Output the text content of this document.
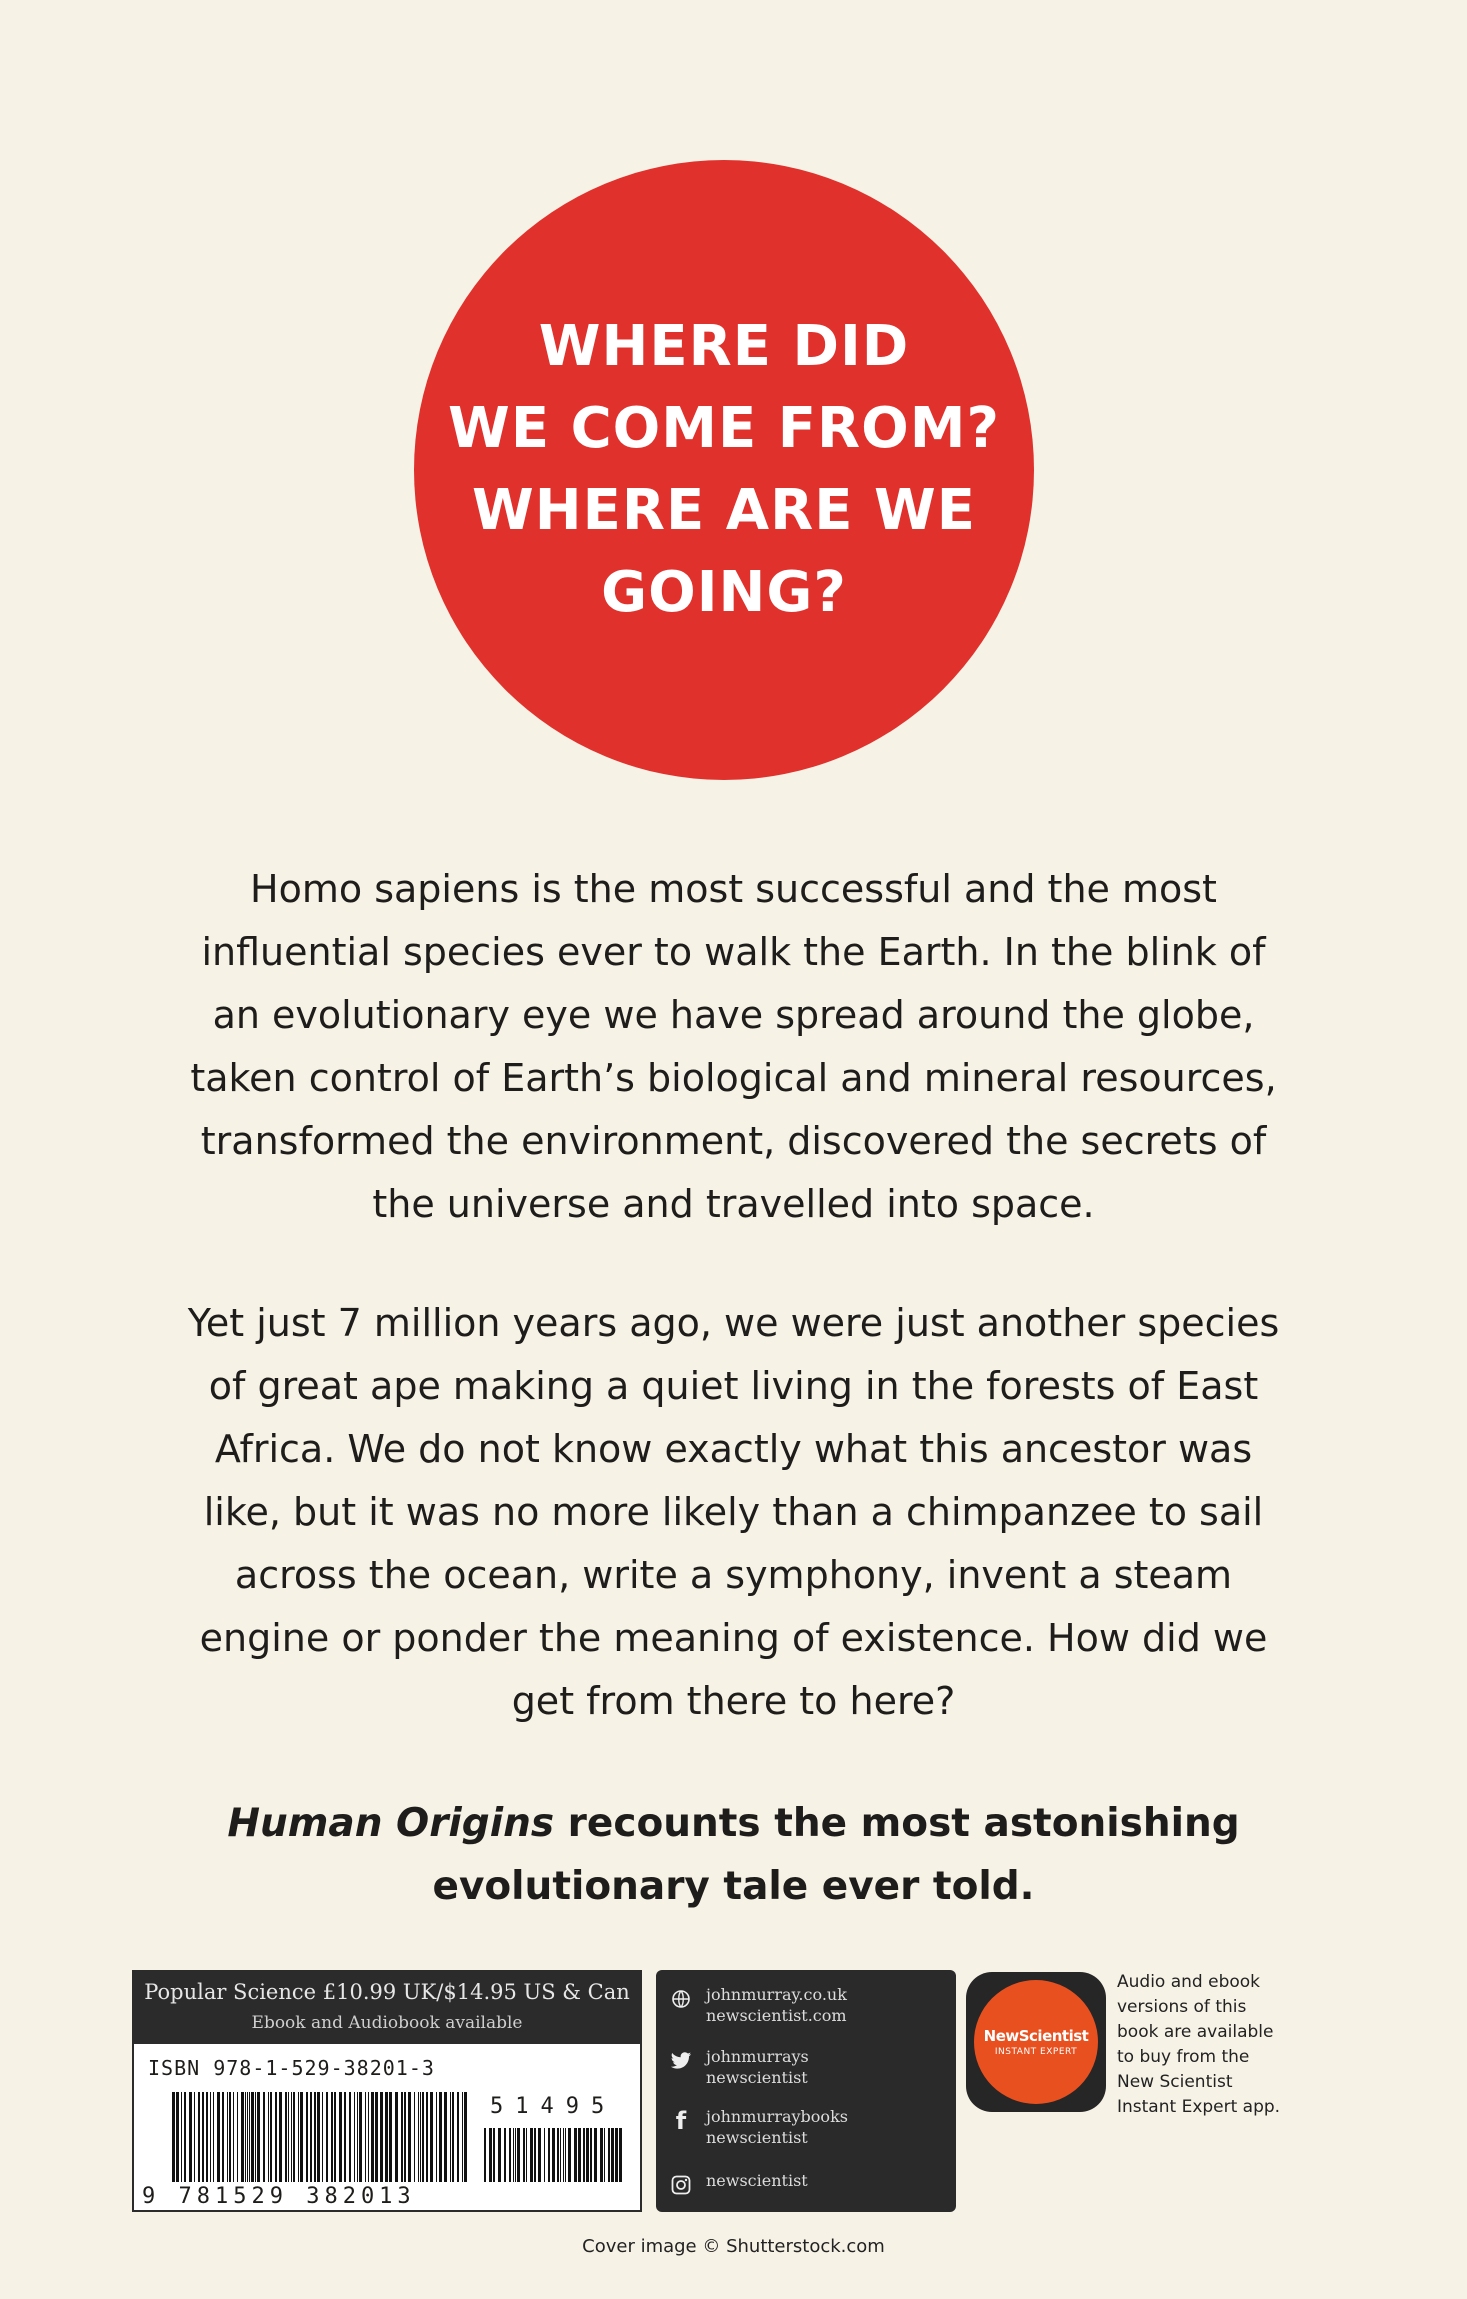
WHERE DID
WE COME FROM?
WHERE ARE WE
GOING?
Homo sapiens is the most successful and the most
influential species ever to walk the Earth. In the blink of
an evolutionary eye we have spread around the globe,
taken control of Earth’s biological and mineral resources,
transformed the environment, discovered the secrets of
the universe and travelled into space.
Yet just 7 million years ago, we were just another species
of great ape making a quiet living in the forests of East
Africa. We do not know exactly what this ancestor was
like, but it was no more likely than a chimpanzee to sail
across the ocean, write a symphony, invent a steam
engine or ponder the meaning of existence. How did we
get from there to here?
Human Origins recounts the most astonishing
evolutionary tale ever told.
Popular Science £10.99 UK/$14.95 US & Can
Ebook and Audiobook available
ISBN 978-1-529-38201-3
51495
9 781529 382013
johnmurray.co.uk
newscientist.com
johnmurrays
newscientist
f	johnmurraybooks
newscientist
newscientist
NewScientist
INSTANT EXPERT
Audio and ebook
versions of this
book are available
to buy from the
New Scientist
Instant Expert app.
Cover image © Shutterstock.com
